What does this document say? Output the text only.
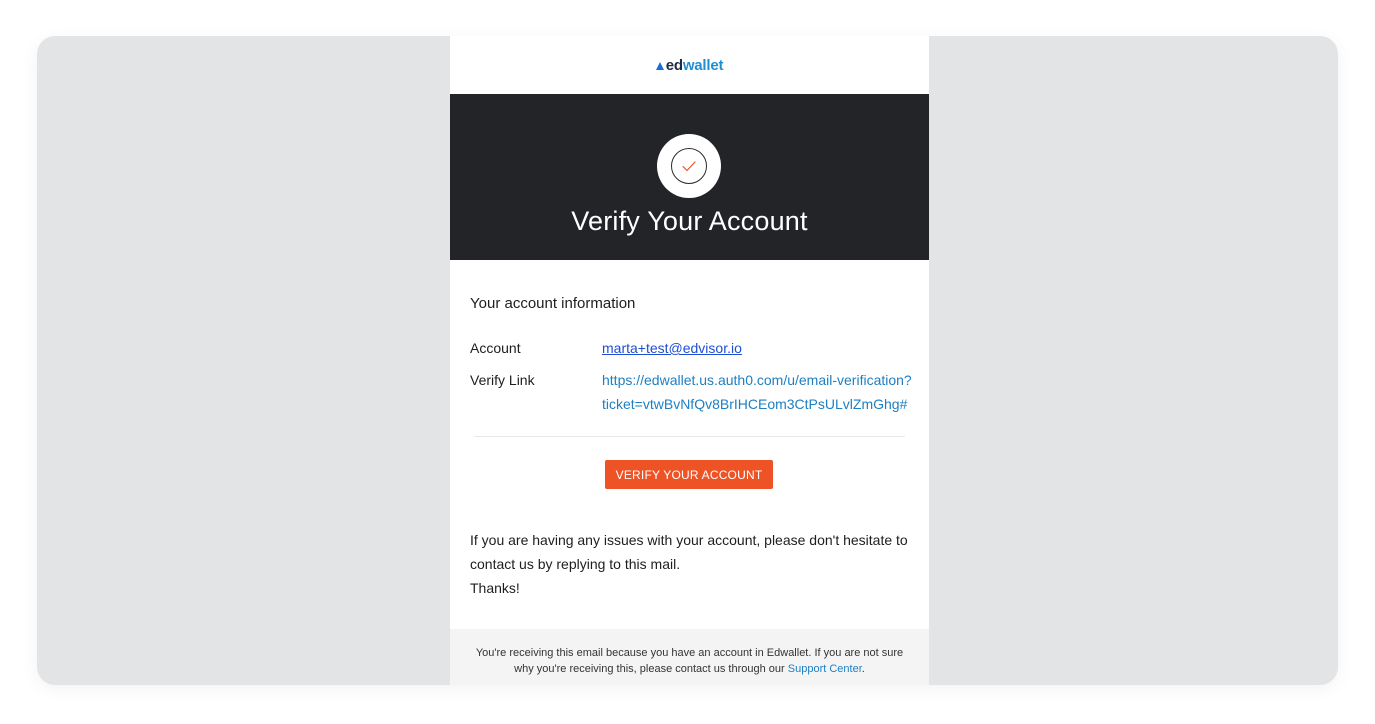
ed wallet
Verify Your Account
Your account information
Account	marta+test@edvisor.io
Verify Link	https://edwallet.us.auth0.com/u/email-verification?
ticket=vtwBvNfQv8BrIHCEom3CtPsULvlZmGhg#
VERIFY YOUR ACCOUNT
If you are having any issues with your account, please don't hesitate to contact us by replying to this mail.
Thanks!
You're receiving this email because you have an account in Edwallet. If you are not sure why you're receiving this, please contact us through our Support Center.
